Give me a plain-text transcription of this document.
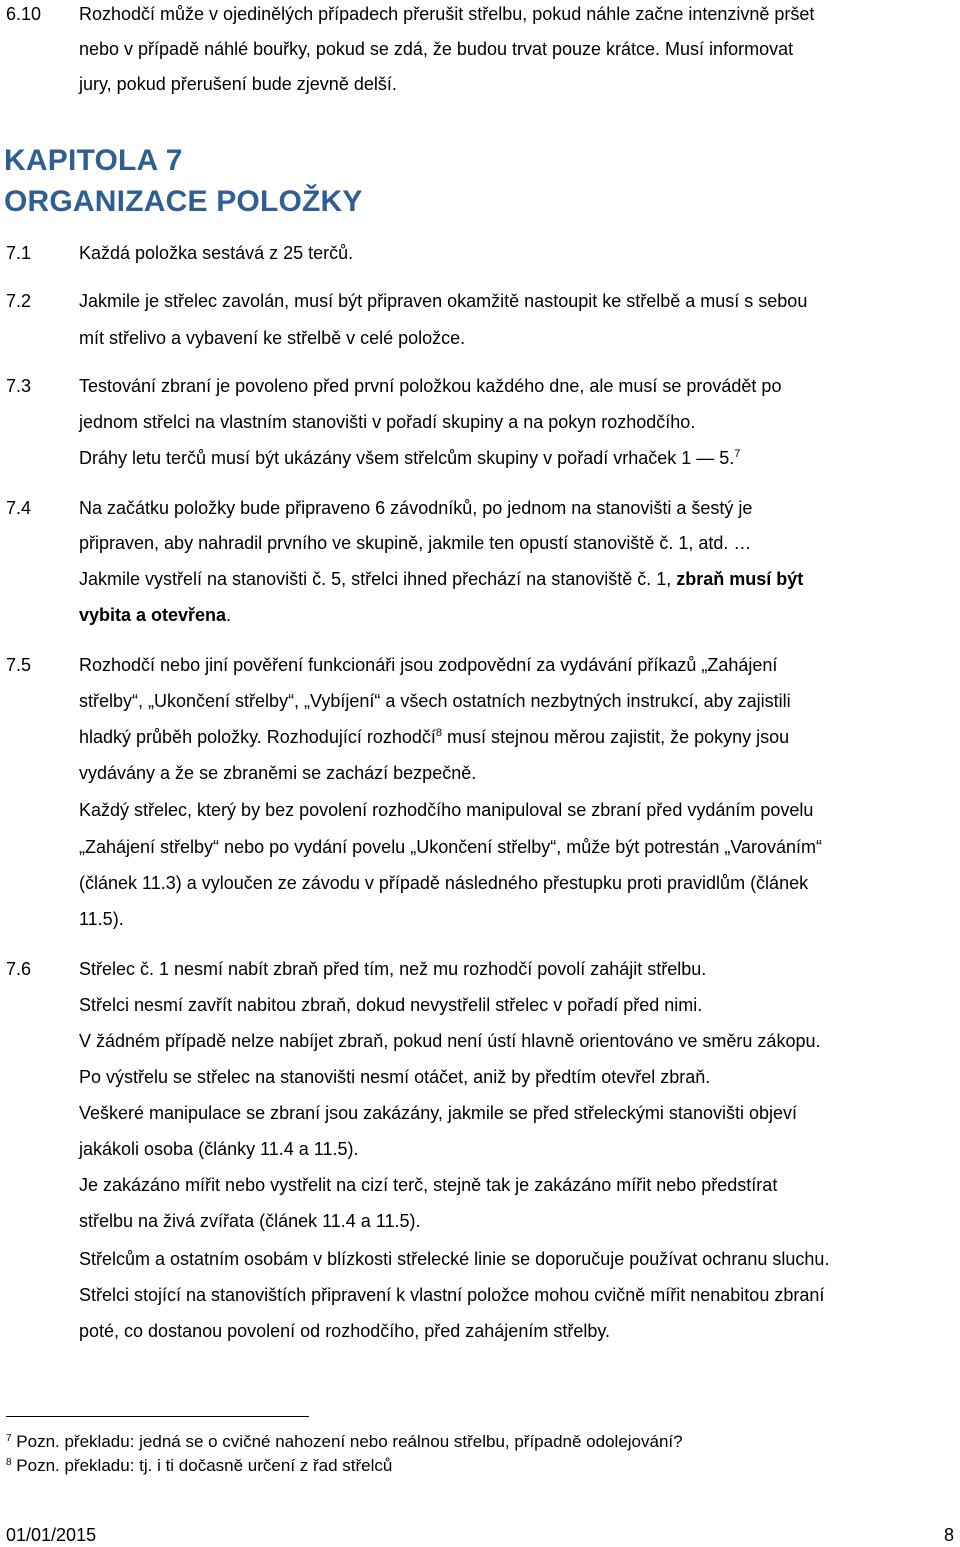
6.10 Rozhodčí může v ojedinělých případech přerušit střelbu, pokud náhle začne intenzivně pršet
nebo v případě náhlé bouřky, pokud se zdá, že budou trvat pouze krátce. Musí informovat
jury, pokud přerušení bude zjevně delší.
KAPITOLA 7
ORGANIZACE POLOŽKY
7.1	Každá položka sestává z 25 terčů.
7.2	Jakmile je střelec zavolán, musí být připraven okamžitě nastoupit ke střelbě a musí s sebou
mít střelivo a vybavení ke střelbě v celé položce.
7.3	Testování zbraní je povoleno před první položkou každého dne, ale musí se provádět po
jednom střelci na vlastním stanovišti v pořadí skupiny a na pokyn rozhodčího.
Dráhy letu terčů musí být ukázány všem střelcům skupiny v pořadí vrhaček 1 — 5.$^7$
7.4	Na začátku položky bude připraveno 6 závodníků, po jednom na stanovišti a šestý je
připraven, aby nahradil prvního ve skupině, jakmile ten opustí stanoviště č. 1, atd. …
Jakmile vystřelí na stanovišti č. 5, střelci ihned přechází na stanoviště č. 1, zbraň musí být
vybita a otevřena.
7.5	Rozhodčí nebo jiní pověření funkcionáři jsou zodpovědní za vydávání příkazů „Zahájení
střelby“, „Ukončení střelby“, „Vybíjení“ a všech ostatních nezbytných instrukcí, aby zajistili
hladký průběh položky. Rozhodující rozhodčí$^8$ musí stejnou měrou zajistit, že pokyny jsou
vydávány a že se zbraněmi se zachází bezpečně.
Každý střelec, který by bez povolení rozhodčího manipuloval se zbraní před vydáním povelu
„Zahájení střelby“ nebo po vydání povelu „Ukončení střelby“, může být potrestán „Varováním“
(článek 11.3) a vyloučen ze závodu v případě následného přestupku proti pravidlům (článek
11.5).
7.6	Střelec č. 1 nesmí nabít zbraň před tím, než mu rozhodčí povolí zahájit střelbu.
Střelci nesmí zavřít nabitou zbraň, dokud nevystřelil střelec v pořadí před nimi.
V žádném případě nelze nabíjet zbraň, pokud není ústí hlavně orientováno ve směru zákopu.
Po výstřelu se střelec na stanovišti nesmí otáčet, aniž by předtím otevřel zbraň.
Veškeré manipulace se zbraní jsou zakázány, jakmile se před střeleckými stanovišti objeví
jakákoli osoba (články 11.4 a 11.5).
Je zakázáno mířit nebo vystřelit na cizí terč, stejně tak je zakázáno mířit nebo předstírat
střelbu na živá zvířata (článek 11.4 a 11.5).
Střelcům a ostatním osobám v blízkosti střelecké linie se doporučuje používat ochranu sluchu.
Střelci stojící na stanovištích připravení k vlastní položce mohou cvičně mířit nenabitou zbraní
poté, co dostanou povolení od rozhodčího, před zahájením střelby.
$^7$ Pozn. překladu: jedná se o cvičné nahození nebo reálnou střelbu, případně odolejování?
$^8$ Pozn. překladu: tj. i ti dočasně určení z řad střelců
01/01/2015	8
